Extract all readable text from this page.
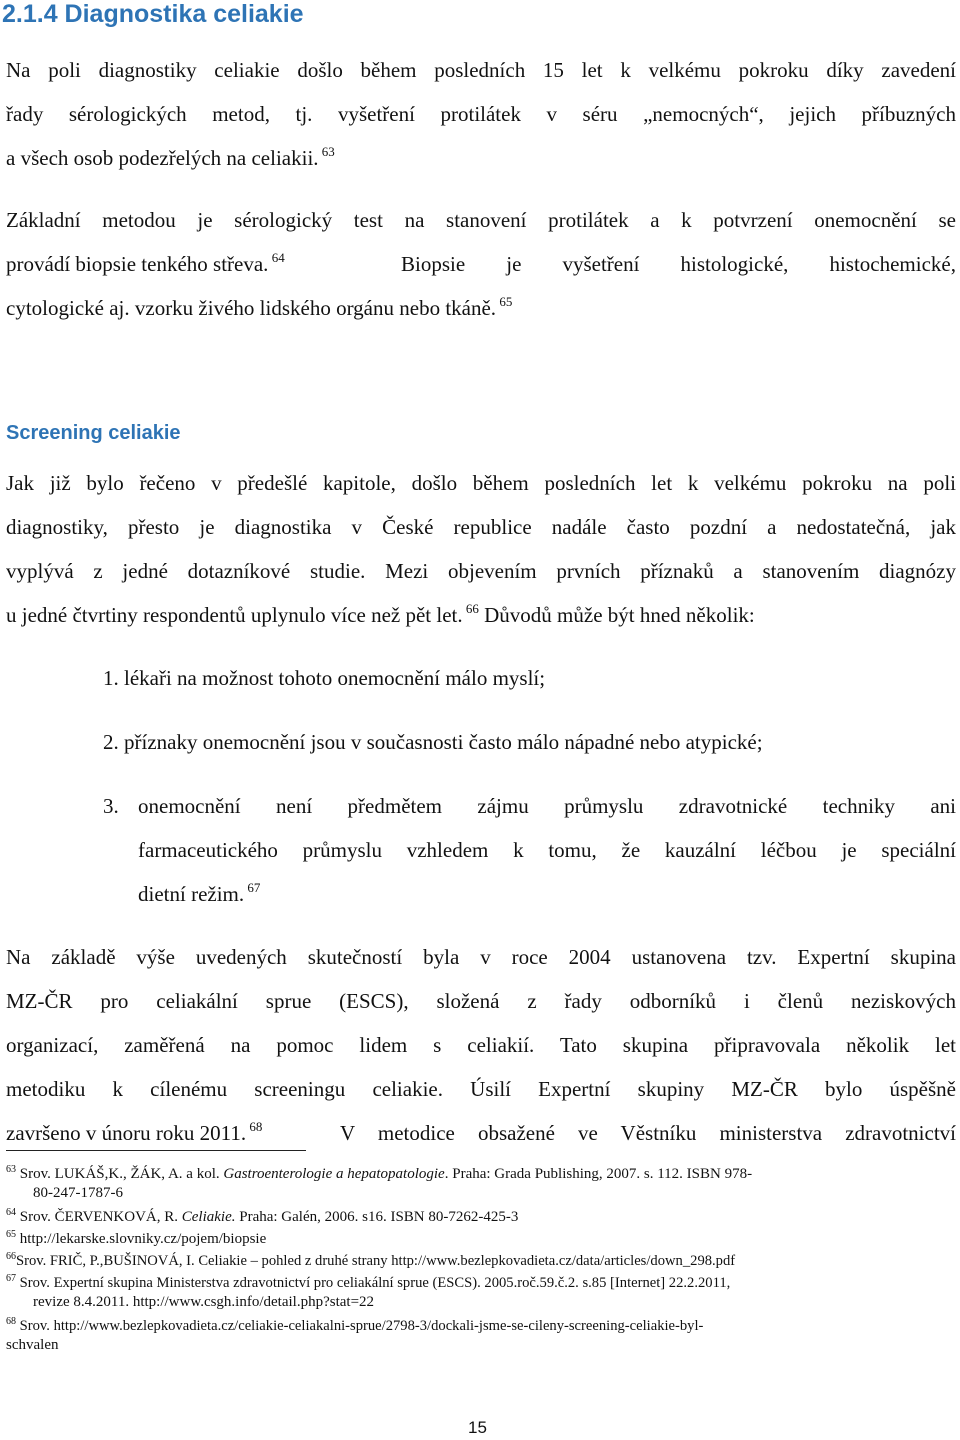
2.1.4 Diagnostika celiakie
Na poli diagnostiky celiakie došlo během posledních 15 let k velkému pokroku díky zavedení
řady sérologických metod, tj. vyšetření protilátek v séru „nemocných“, jejich příbuzných
a všech osob podezřelých na celiakii. $^{63}$
Základní metodou je sérologický test na stanovení protilátek a k potvrzení onemocnění se
provádí biopsie tenkého střeva. $^{64}$	Biopsie je vyšetření histologické, histochemické,
cytologické aj. vzorku živého lidského orgánu nebo tkáně. $^{65}$
Screening celiakie
Jak již bylo řečeno v předešlé kapitole, došlo během posledních let k velkému pokroku na poli
diagnostiky, přesto je diagnostika v České republice nadále často pozdní a nedostatečná, jak
vyplývá z jedné dotazníkové studie. Mezi objevením prvních příznaků a stanovením diagnózy
u jedné čtvrtiny respondentů uplynulo více než pět let. $^{66}$ Důvodů může být hned několik:
1. lékaři na možnost tohoto onemocnění málo myslí;
2. příznaky onemocnění jsou v současnosti často málo nápadné nebo atypické;
3. onemocnění není předmětem zájmu průmyslu zdravotnické techniky ani
farmaceutického průmyslu vzhledem k tomu, že kauzální léčbou je speciální
dietní režim. $^{67}$
Na základě výše uvedených skutečností byla v roce 2004 ustanovena tzv. Expertní skupina
MZ-ČR pro celiakální sprue (ESCS), složená z řady odborníků i členů neziskových
organizací, zaměřená na pomoc lidem s celiakií. Tato skupina připravovala několik let
metodiku k cílenému screeningu celiakie. Úsilí Expertní skupiny MZ-ČR bylo úspěšně
završeno v únoru roku 2011. $^{68}$	V metodice obsažené ve Věstníku ministerstva zdravotnictví
$^{63}$ Srov. LUKÁŠ,K., ŽÁK, A. a kol. Gastroenterologie a hepatopatologie. Praha: Grada Publishing, 2007. s. 112. ISBN 978-
80-247-1787-6
$^{64}$ Srov. ČERVENKOVÁ, R. Celiakie. Praha: Galén, 2006. s16. ISBN 80-7262-425-3
$^{65}$ http://lekarske.slovniky.cz/pojem/biopsie
$^{66}$Srov. FRIČ, P.,BUŠINOVÁ, I. Celiakie – pohled z druhé strany http://www.bezlepkovadieta.cz/data/articles/down_298.pdf
$^{67}$ Srov. Expertní skupina Ministerstva zdravotnictví pro celiakální sprue (ESCS). 2005.roč.59.č.2. s.85 [Internet] 22.2.2011,
revize 8.4.2011. http://www.csgh.info/detail.php?stat=22
$^{68}$ Srov. http://www.bezlepkovadieta.cz/celiakie-celiakalni-sprue/2798-3/dockali-jsme-se-cileny-screening-celiakie-byl-
schvalen
15
